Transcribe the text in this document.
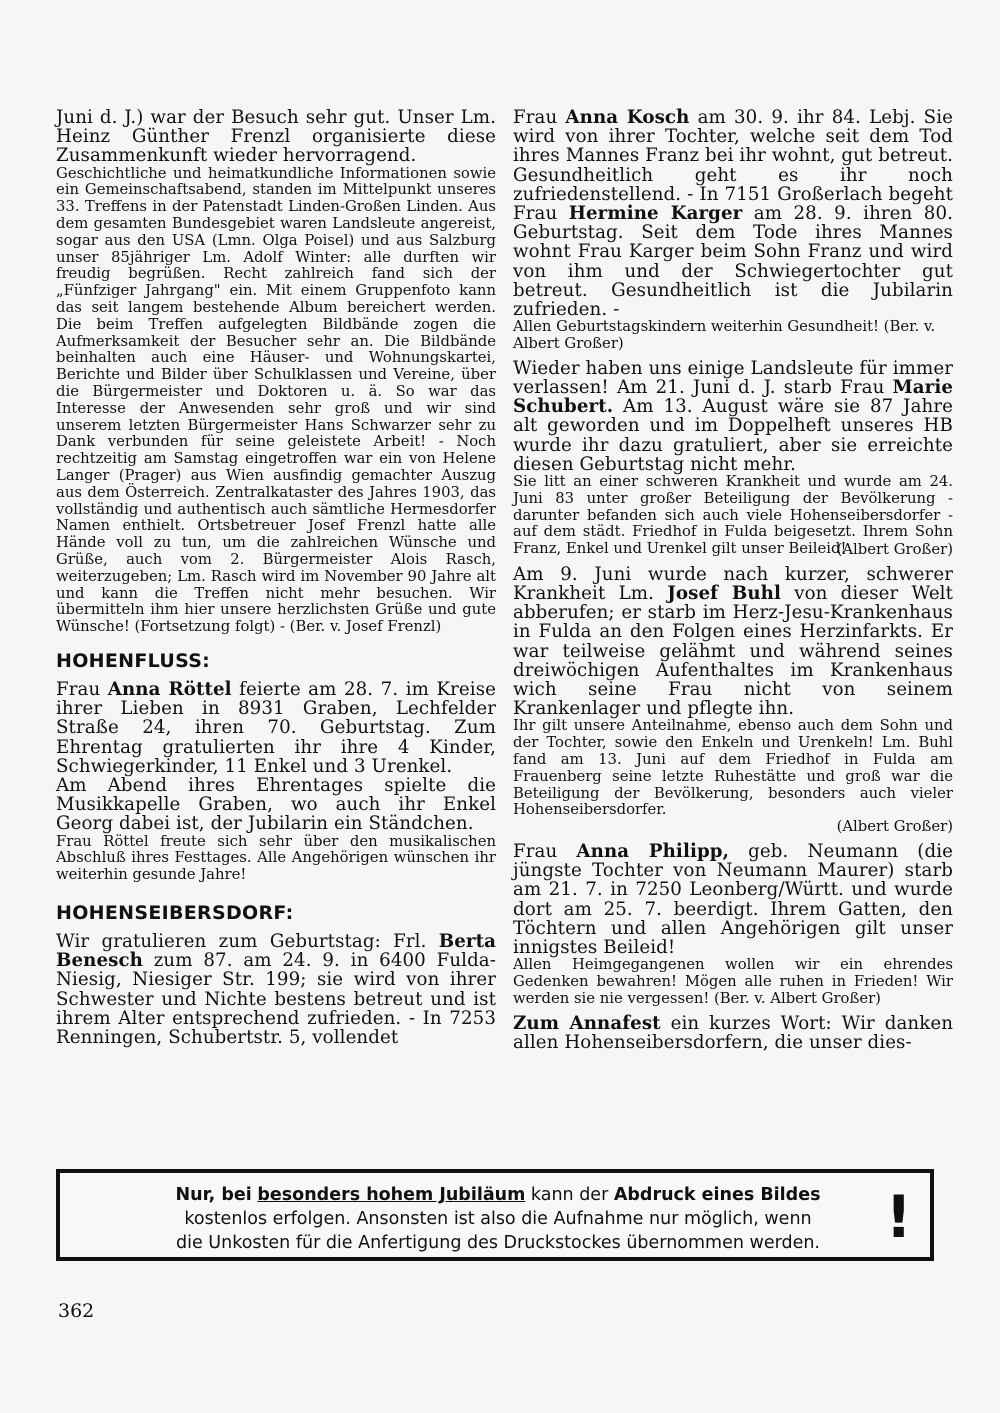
Juni d. J.) war der Besuch sehr gut. Unser Lm. Heinz Günther Frenzl organisierte diese Zusammenkunft wieder hervorragend.

Geschichtliche und heimatkundliche Informationen sowie ein Gemeinschaftsabend, standen im Mittelpunkt unseres 33. Treffens in der Patenstadt Linden-Großen Linden. Aus dem gesamten Bundesgebiet waren Landsleute angereist, sogar aus den USA (Lmn. Olga Poisel) und aus Salzburg unser 85jähriger Lm. Adolf Winter: alle durften wir freudig begrüßen. Recht zahlreich fand sich der „Fünfziger Jahrgang" ein. Mit einem Gruppenfoto kann das seit langem bestehende Album bereichert werden. Die beim Treffen aufgelegten Bildbände zogen die Aufmerksamkeit der Besucher sehr an. Die Bildbände beinhalten auch eine Häuser- und Wohnungskartei, Berichte und Bilder über Schulklassen und Vereine, über die Bürgermeister und Doktoren u. ä. So war das Interesse der Anwesenden sehr groß und wir sind unserem letzten Bürgermeister Hans Schwarzer sehr zu Dank verbunden für seine geleistete Arbeit! - Noch rechtzeitig am Samstag eingetroffen war ein von Helene Langer (Prager) aus Wien ausfindig gemachter Auszug aus dem Österreich. Zentralkataster des Jahres 1903, das vollständig und authentisch auch sämtliche Hermesdorfer Namen enthielt. Ortsbetreuer Josef Frenzl hatte alle Hände voll zu tun, um die zahlreichen Wünsche und Grüße, auch vom 2. Bürgermeister Alois Rasch, weiterzugeben; Lm. Rasch wird im November 90 Jahre alt und kann die Treffen nicht mehr besuchen. Wir übermitteln ihm hier unsere herzlichsten Grüße und gute Wünsche! (Fortsetzung folgt) - (Ber. v. Josef Frenzl)

HOHENFLUSS:

Frau Anna Röttel feierte am 28. 7. im Kreise ihrer Lieben in 8931 Graben, Lechfelder Straße 24, ihren 70. Geburtstag. Zum Ehrentag gratulierten ihr ihre 4 Kinder, Schwiegerkinder, 11 Enkel und 3 Urenkel.

Am Abend ihres Ehrentages spielte die Musikkapelle Graben, wo auch ihr Enkel Georg dabei ist, der Jubilarin ein Ständchen.

Frau Röttel freute sich sehr über den musikalischen Abschluß ihres Festtages. Alle Angehörigen wünschen ihr weiterhin gesunde Jahre!

HOHENSEIBERSDORF:

Wir gratulieren zum Geburtstag: Frl. Berta Benesch zum 87. am 24. 9. in 6400 Fulda-Niesig, Niesiger Str. 199; sie wird von ihrer Schwester und Nichte bestens betreut und ist ihrem Alter entsprechend zufrieden. - In 7253 Renningen, Schubertstr. 5, vollendet

Frau Anna Kosch am 30. 9. ihr 84. Lebj. Sie wird von ihrer Tochter, welche seit dem Tod ihres Mannes Franz bei ihr wohnt, gut betreut. Gesundheitlich geht es ihr noch zufriedenstellend. - In 7151 Großerlach begeht Frau Hermine Karger am 28. 9. ihren 80. Geburtstag. Seit dem Tode ihres Mannes wohnt Frau Karger beim Sohn Franz und wird von ihm und der Schwiegertochter gut betreut. Gesundheitlich ist die Jubilarin zufrieden. -

Allen Geburtstagskindern weiterhin Gesundheit! (Ber. v. Albert Großer)

Wieder haben uns einige Landsleute für immer verlassen! Am 21. Juni d. J. starb Frau Marie Schubert. Am 13. August wäre sie 87 Jahre alt geworden und im Doppelheft unseres HB wurde ihr dazu gratuliert, aber sie erreichte diesen Geburtstag nicht mehr.

Sie litt an einer schweren Krankheit und wurde am 24. Juni 83 unter großer Beteiligung der Bevölkerung - darunter befanden sich auch viele Hohenseibersdorfer - auf dem städt. Friedhof in Fulda beigesetzt. Ihrem Sohn Franz, Enkel und Urenkel gilt unser Beileid!

(Albert Großer)

Am 9. Juni wurde nach kurzer, schwerer Krankheit Lm. Josef Buhl von dieser Welt abberufen; er starb im Herz-Jesu-Krankenhaus in Fulda an den Folgen eines Herzinfarkts. Er war teilweise gelähmt und während seines dreiwöchigen Aufenthaltes im Krankenhaus wich seine Frau nicht von seinem Krankenlager und pflegte ihn.

Ihr gilt unsere Anteilnahme, ebenso auch dem Sohn und der Tochter, sowie den Enkeln und Urenkeln! Lm. Buhl fand am 13. Juni auf dem Friedhof in Fulda am Frauenberg seine letzte Ruhestätte und groß war die Beteiligung der Bevölkerung, besonders auch vieler Hohenseibersdorfer.

(Albert Großer)

Frau Anna Philipp, geb. Neumann (die jüngste Tochter von Neumann Maurer) starb am 21. 7. in 7250 Leonberg/Württ. und wurde dort am 25. 7. beerdigt. Ihrem Gatten, den Töchtern und allen Angehörigen gilt unser innigstes Beileid!

Allen Heimgegangenen wollen wir ein ehrendes Gedenken bewahren! Mögen alle ruhen in Frieden! Wir werden sie nie vergessen! (Ber. v. Albert Großer)

Zum Annafest ein kurzes Wort: Wir danken allen Hohenseibersdorfern, die unser dies-

Nur, bei besonders hohem Jubiläum kann der Abdruck eines Bildes
kostenlos erfolgen. Ansonsten ist also die Aufnahme nur möglich, wenn
die Unkosten für die Anfertigung des Druckstockes übernommen werden.	!
362
